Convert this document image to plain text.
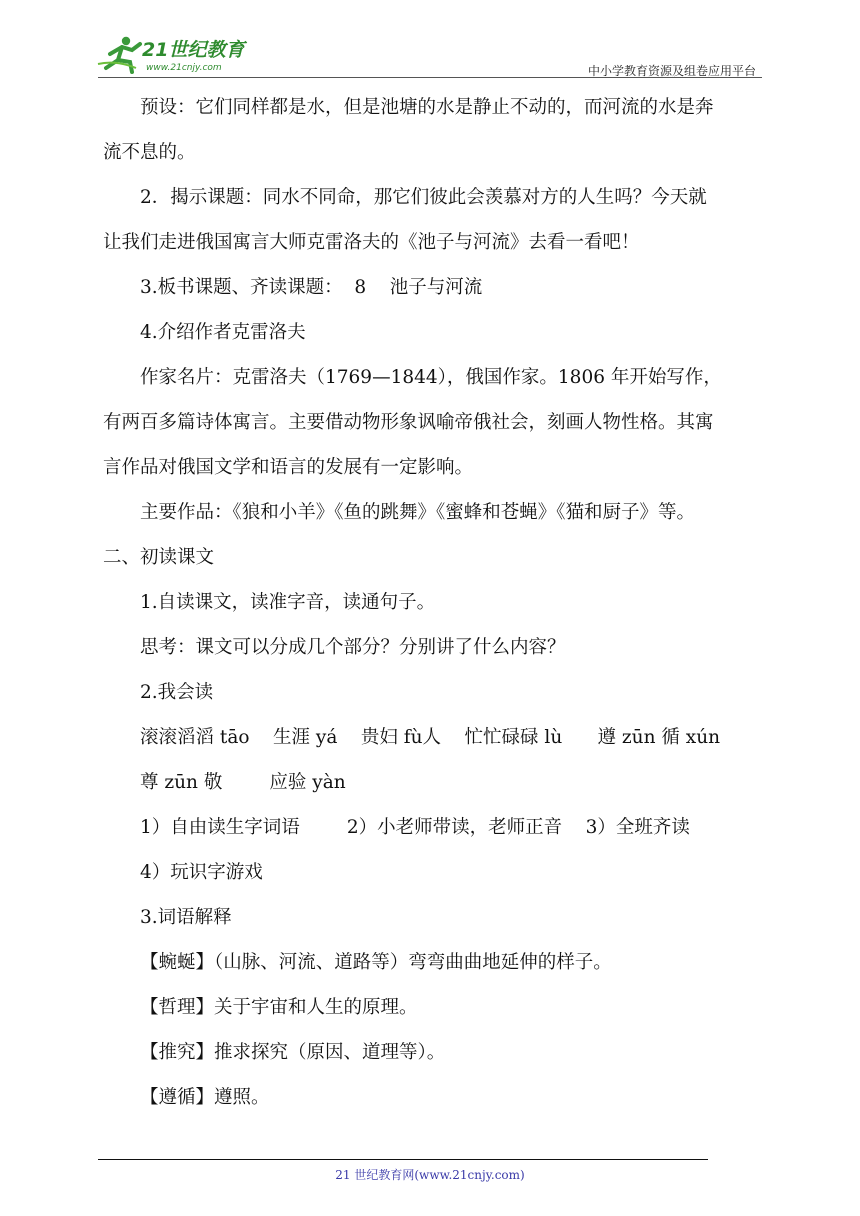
21世纪教育
www.21cnjy.com	中小学教育资源及组卷应用平台
预设：它们同样都是水，但是池塘的水是静止不动的，而河流的水是奔
流不息的。
2．揭示课题：同水不同命，那它们彼此会羡慕对方的人生吗？今天就
让我们走进俄国寓言大师克雷洛夫的《池子与河流》去看一看吧！
3.板书课题、齐读课题：  8    池子与河流
4.介绍作者克雷洛夫
作家名片：克雷洛夫（1769—1844），俄国作家。1806 年开始写作，
有两百多篇诗体寓言。主要借动物形象讽喻帝俄社会，刻画人物性格。其寓
言作品对俄国文学和语言的发展有一定影响。
主要作品：《狼和小羊》《鱼的跳舞》《蜜蜂和苍蝇》《猫和厨子》等。
二、初读课文
1.自读课文，读准字音，读通句子。
思考：课文可以分成几个部分？分别讲了什么内容？
2.我会读
滚滚滔滔 tāo    生涯 yá    贵妇 fù人    忙忙碌碌 lù      遵 zūn 循 xún
尊 zūn 敬        应验 yàn
1）自由读生字词语        2）小老师带读，老师正音    3）全班齐读
4）玩识字游戏
3.词语解释
【蜿蜒】（山脉、河流、道路等）弯弯曲曲地延伸的样子。
【哲理】关于宇宙和人生的原理。
【推究】推求探究（原因、道理等）。
【遵循】遵照。
21 世纪教育网(www.21cnjy.com)
